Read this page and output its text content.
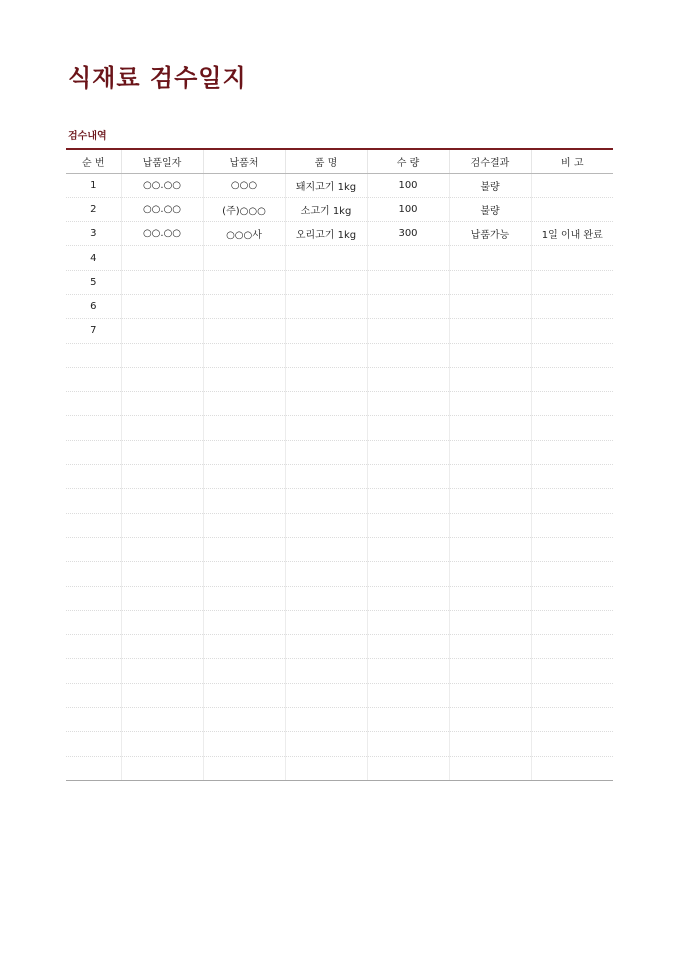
식재료 검수일지
검수내역
순 번	납품일자	납품처	품 명	수 량	검수결과	비 고
1	○○.○○	○○○	돼지고기 1kg	100	불량	
2	○○.○○	(주)○○○	소고기 1kg	100	불량	
3	○○.○○	○○○사	오리고기 1kg	300	납품가능	1일 이내 완료
4						
5						
6						
7						
